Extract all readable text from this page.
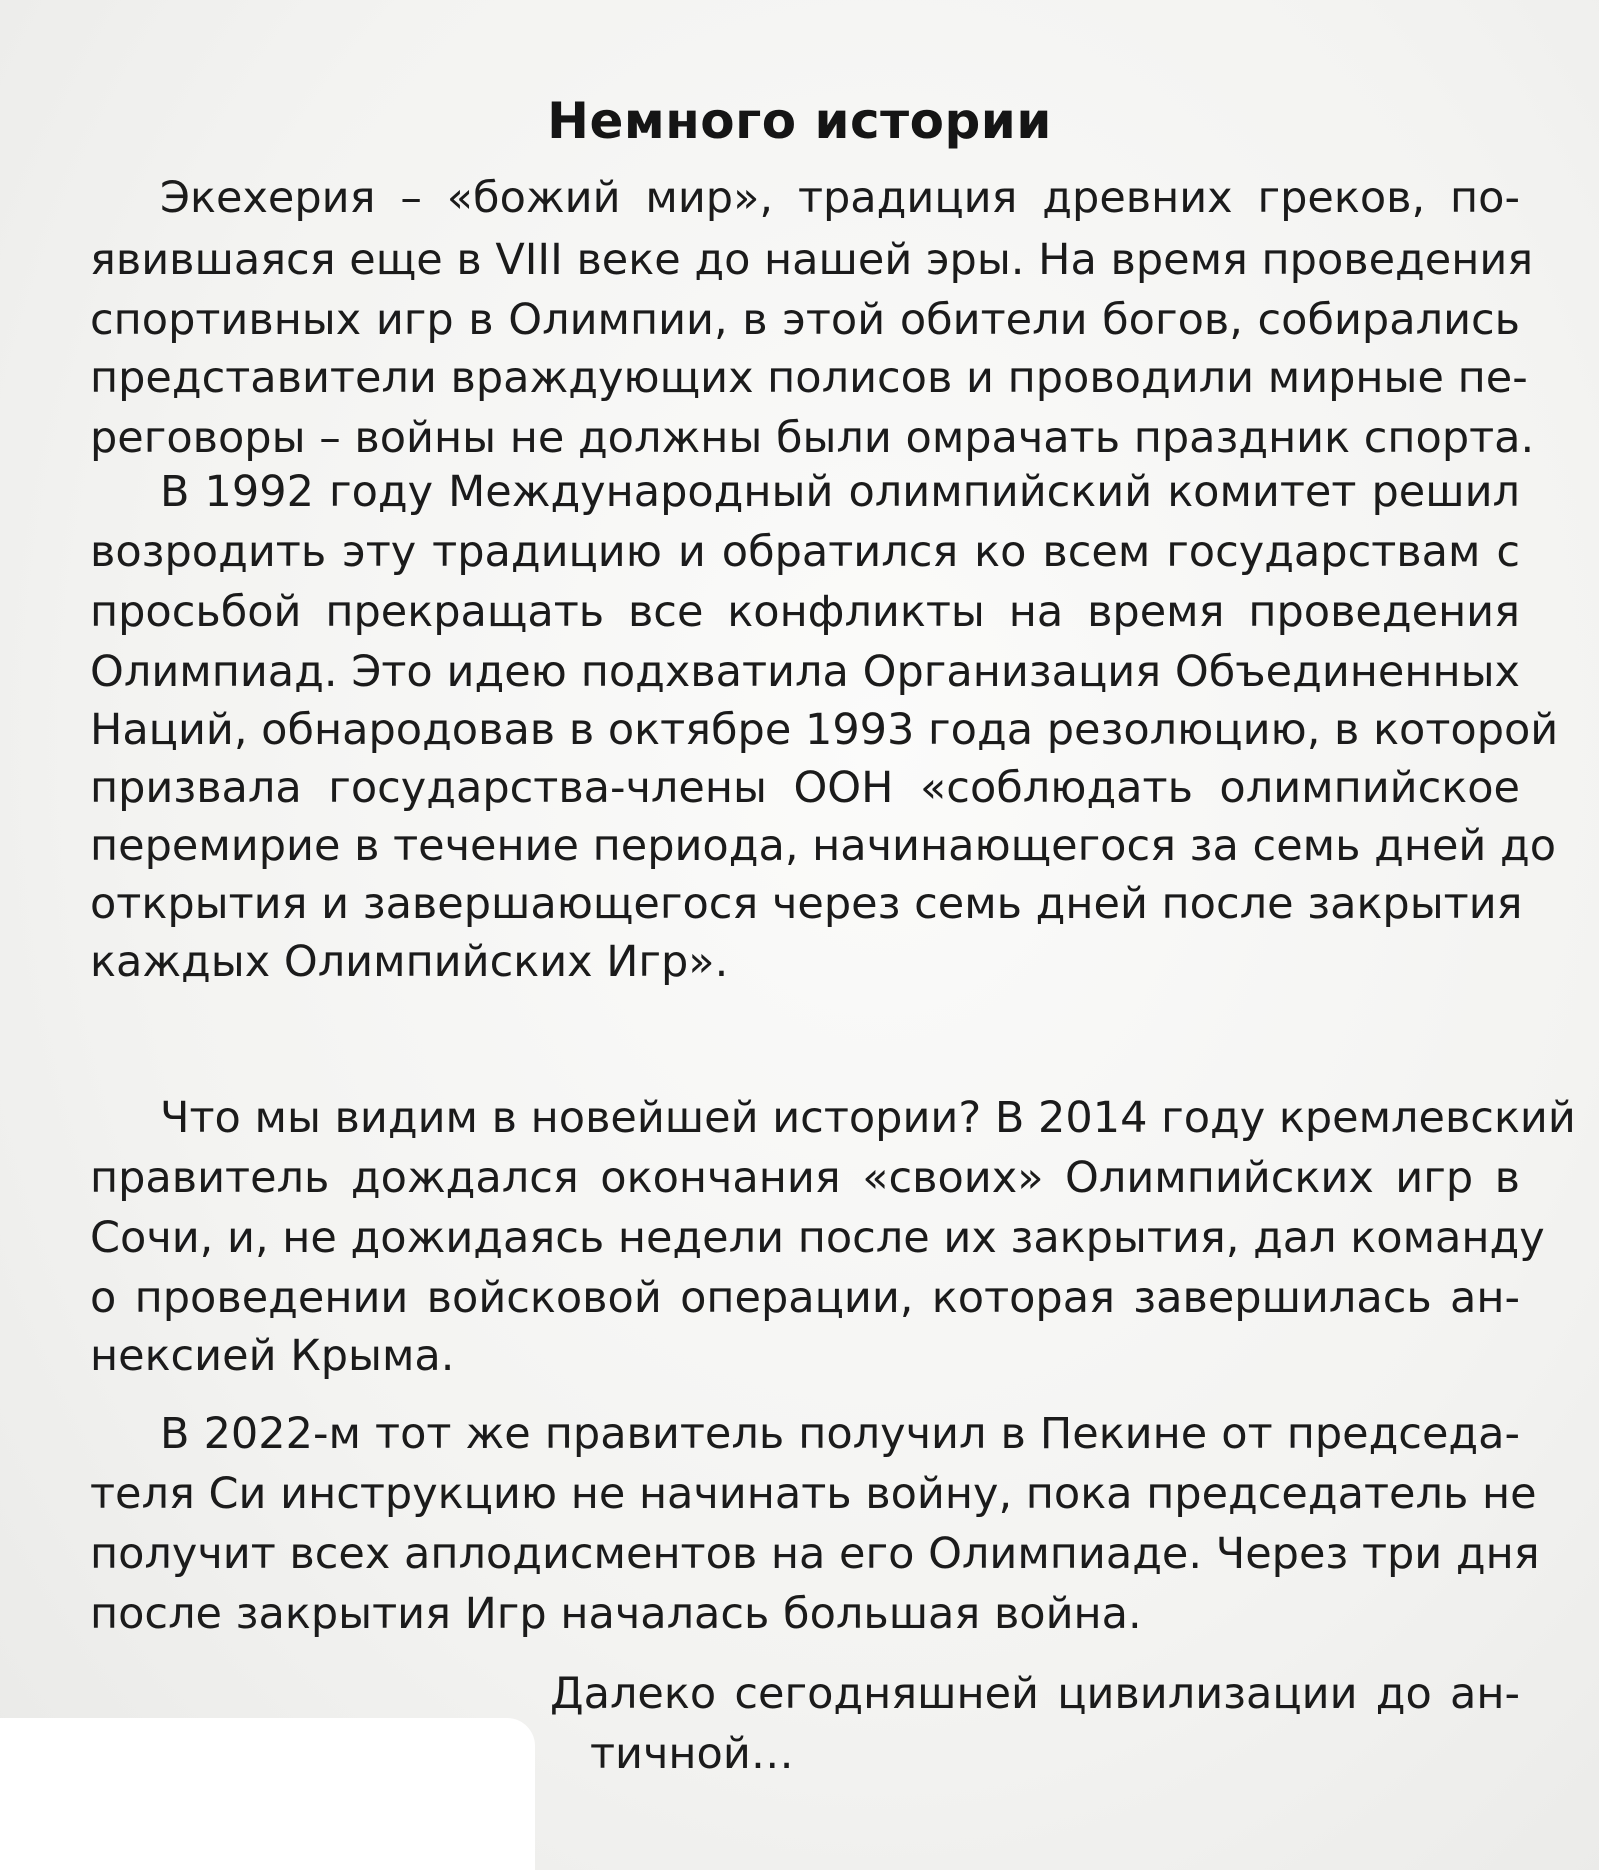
Немного истории
Экехерия – «божий мир», традиция древних греков, по-
явившаяся еще в VIII веке до нашей эры. На время проведения
спортивных игр в Олимпии, в этой обители богов, собирались
представители враждующих полисов и проводили мирные пе-
реговоры – войны не должны были омрачать праздник спорта.
В 1992 году Международный олимпийский комитет решил
возродить эту традицию и обратился ко всем государствам с
просьбой прекращать все конфликты на время проведения
Олимпиад. Это идею подхватила Организация Объединенных
Наций, обнародовав в октябре 1993 года резолюцию, в которой
призвала государства-члены ООН «соблюдать олимпийское
перемирие в течение периода, начинающегося за семь дней до
открытия и завершающегося через семь дней после закрытия
каждых Олимпийских Игр».
Что мы видим в новейшей истории? В 2014 году кремлевский
правитель дождался окончания «своих» Олимпийских игр в
Сочи, и, не дожидаясь недели после их закрытия, дал команду
о проведении войсковой операции, которая завершилась ан-
нексией Крыма.
В 2022-м тот же правитель получил в Пекине от председа-
теля Си инструкцию не начинать войну, пока председатель не
получит всех аплодисментов на его Олимпиаде. Через три дня
после закрытия Игр началась большая война.
Далеко сегодняшней цивилизации до ан-
тичной…
